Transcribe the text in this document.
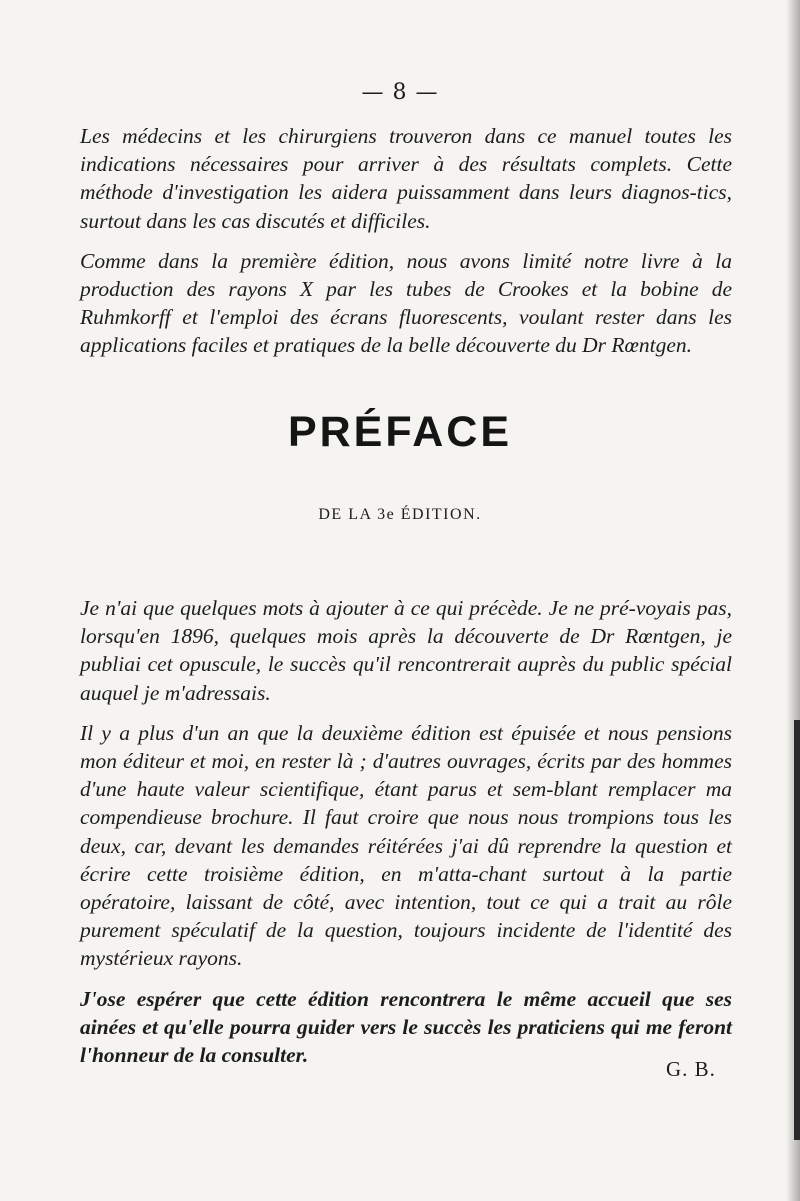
— 8 —

Les médecins et les chirurgiens trouveron dans ce manuel toutes les indications nécessaires pour arriver à des résultats complets. Cette méthode d'investigation les aidera puissamment dans leurs diagnos-tics, surtout dans les cas discutés et difficiles.

Comme dans la première édition, nous avons limité notre livre à la production des rayons X par les tubes de Crookes et la bobine de Ruhmkorff et l'emploi des écrans fluorescents, voulant rester dans les applications faciles et pratiques de la belle découverte du Dr Rœntgen.

PRÉFACE
DE LA 3e ÉDITION.

Je n'ai que quelques mots à ajouter à ce qui précède. Je ne pré-voyais pas, lorsqu'en 1896, quelques mois après la découverte de Dr Rœntgen, je publiai cet opuscule, le succès qu'il rencontrerait auprès du public spécial auquel je m'adressais.

Il y a plus d'un an que la deuxième édition est épuisée et nous pensions mon éditeur et moi, en rester là ; d'autres ouvrages, écrits par des hommes d'une haute valeur scientifique, étant parus et sem-blant remplacer ma compendieuse brochure. Il faut croire que nous nous trompions tous les deux, car, devant les demandes réitérées j'ai dû reprendre la question et écrire cette troisième édition, en m'atta-chant surtout à la partie opératoire, laissant de côté, avec intention, tout ce qui a trait au rôle purement spéculatif de la question, toujours incidente de l'identité des mystérieux rayons.

J'ose espérer que cette édition rencontrera le même accueil que ses ainées et qu'elle pourra guider vers le succès les praticiens qui me feront l'honneur de la consulter.

G. B.
